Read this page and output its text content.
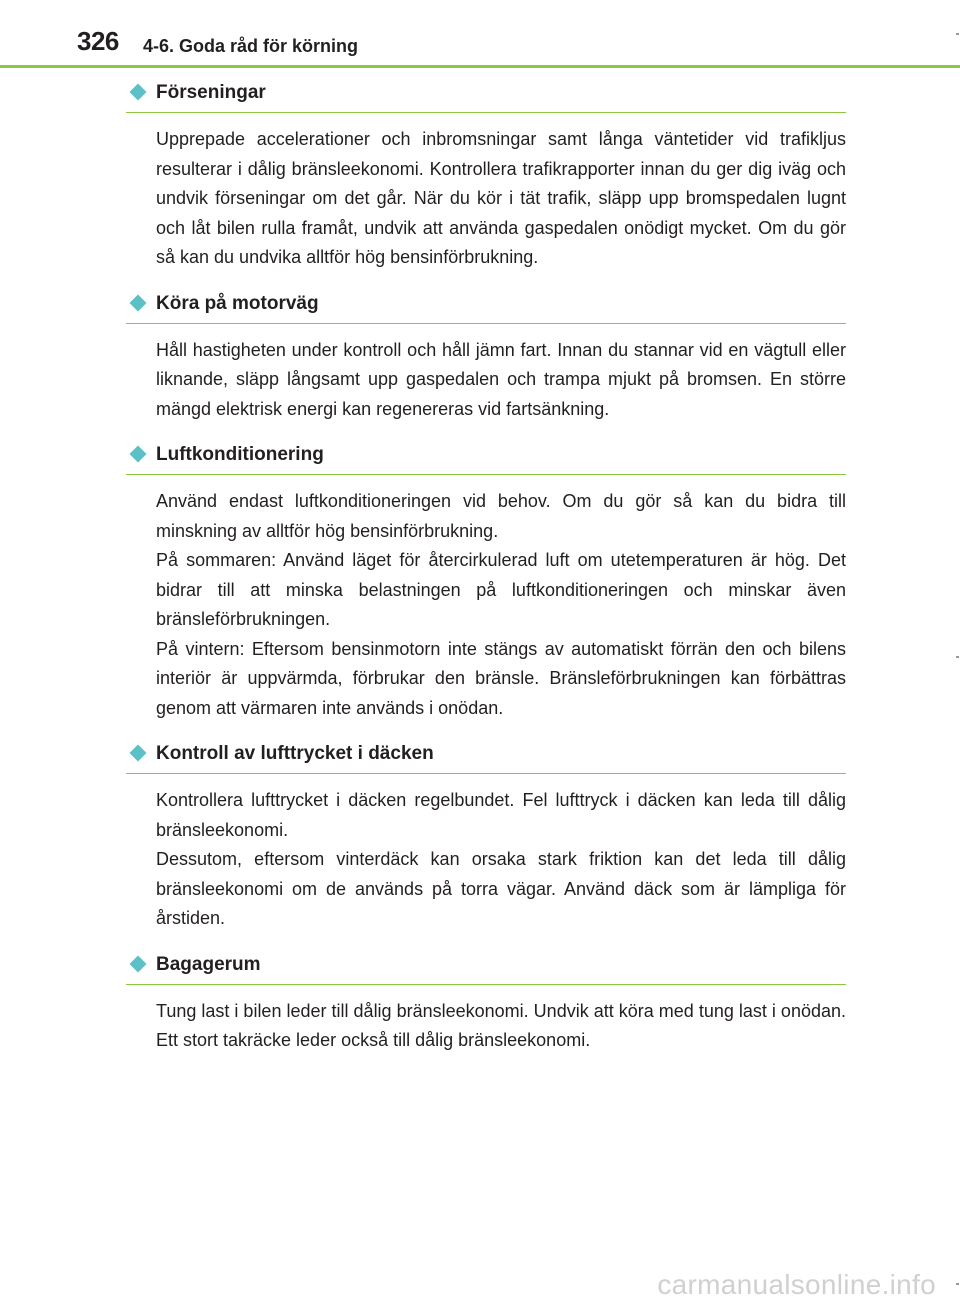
326 4-6. Goda råd för körning
Förseningar

Upprepade accelerationer och inbromsningar samt långa väntetider vid trafikljus resulterar i dålig bränsleekonomi. Kontrollera trafikrapporter innan du ger dig iväg och undvik förseningar om det går. När du kör i tät trafik, släpp upp bromspedalen lugnt och låt bilen rulla framåt, undvik att använda gaspedalen onödigt mycket. Om du gör så kan du undvika alltför hög bensinförbrukning.

Köra på motorväg

Håll hastigheten under kontroll och håll jämn fart. Innan du stannar vid en vägtull eller liknande, släpp långsamt upp gaspedalen och trampa mjukt på bromsen. En större mängd elektrisk energi kan regenereras vid fartsänkning.

Luftkonditionering

Använd endast luftkonditioneringen vid behov. Om du gör så kan du bidra till minskning av alltför hög bensinförbrukning.

På sommaren: Använd läget för återcirkulerad luft om utetemperaturen är hög. Det bidrar till att minska belastningen på luftkonditioneringen och minskar även bränsleförbrukningen.

På vintern: Eftersom bensinmotorn inte stängs av automatiskt förrän den och bilens interiör är uppvärmda, förbrukar den bränsle. Bränsleförbrukningen kan förbättras genom att värmaren inte används i onödan.

Kontroll av lufttrycket i däcken

Kontrollera lufttrycket i däcken regelbundet. Fel lufttryck i däcken kan leda till dålig bränsleekonomi.

Dessutom, eftersom vinterdäck kan orsaka stark friktion kan det leda till dålig bränsleekonomi om de används på torra vägar. Använd däck som är lämpliga för årstiden.

Bagagerum

Tung last i bilen leder till dålig bränsleekonomi. Undvik att köra med tung last i onödan. Ett stort takräcke leder också till dålig bränsleekonomi.

carmanualsonline.info
